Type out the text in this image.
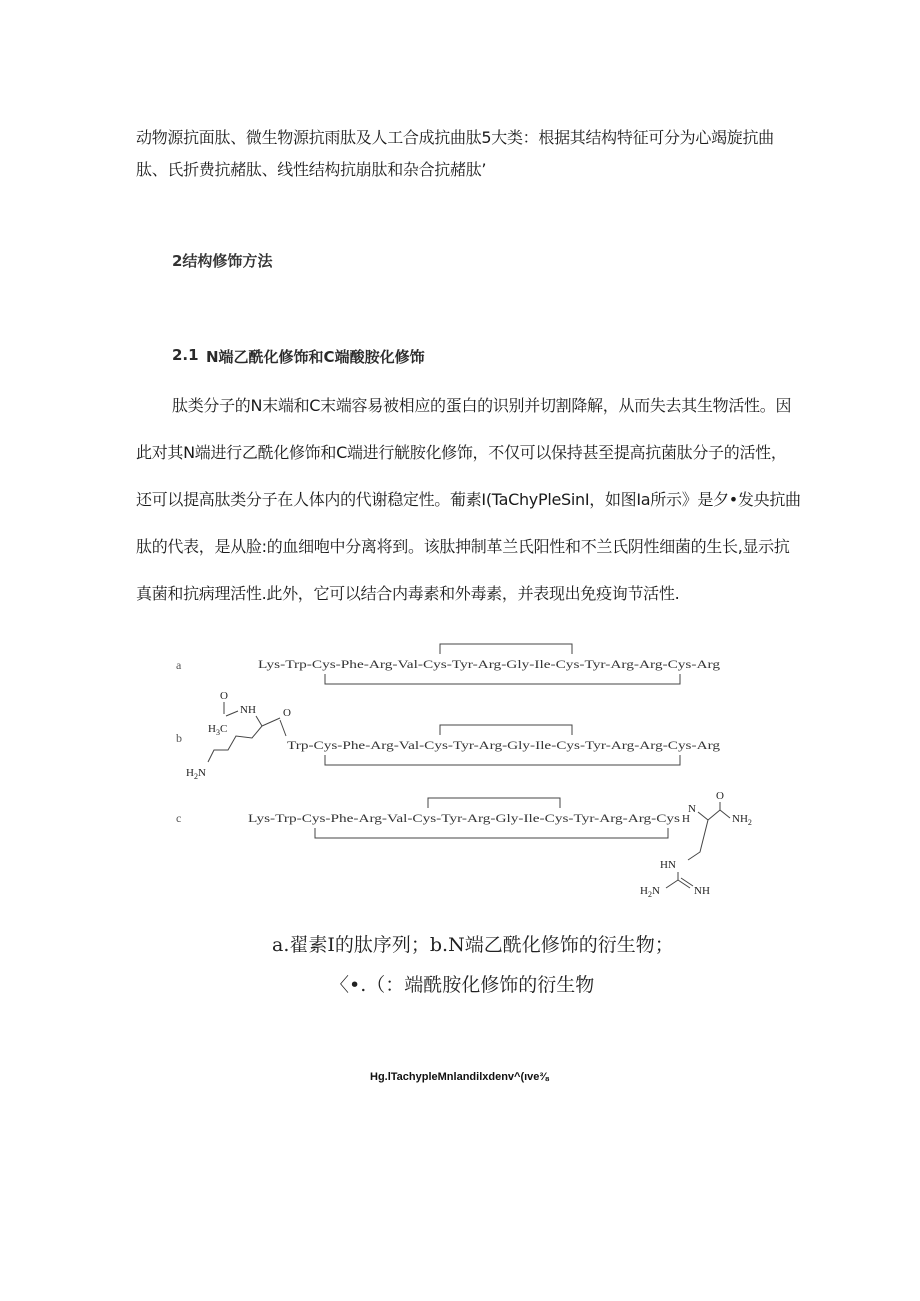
动物源抗面肽、微生物源抗雨肽及人工合成抗曲肽5大类：根据其结构特征可分为心竭旋抗曲
肽、氏折费抗赭肽、线性结构抗崩肽和杂合抗赭肽’
2结构修饰方法
2.1 N端乙酰化修饰和C端酸胺化修饰
肽类分子的N末端和C末端容易被相应的蛋白的识别并切割降解，从而失去其生物活性。因
此对其N端进行乙酰化修饰和C端进行觥胺化修饰，不仅可以保持甚至提高抗菌肽分子的活性，
还可以提高肽类分子在人体内的代谢稳定性。葡素I(TaChyPleSinI，如图Ia所示》是夕•发央抗曲
肽的代表，是从脸:的血细咆中分离将到。该肽抻制革兰氏阳性和不兰氏阴性细菌的生长,显示抗
真菌和抗病理活性.此外，它可以结合内毒素和外毒素，并表现出免疫询节活性.
a	Lys-Trp-Cys-Phe-Arg-Val-Cys-Tyr-Arg-Gly-Ile-Cys-Tyr-Arg-Arg-Cys-Arg
b
O
NH
$H_3C$
O
$H_2N$
Trp-Cys-Phe-Arg-Val-Cys-Tyr-Arg-Gly-Ile-Cys-Tyr-Arg-Arg-Cys-Arg
c	Lys-Trp-Cys-Phe-Arg-Val-Cys-Tyr-Arg-Gly-Ile-Cys-Tyr-Arg-Arg-Cys
N
H
O
$NH_2$
HN
$H_2N$	NH
a.翟素I的肽序列；b.N端乙酰化修饰的衍生物；
〈•.（：端酰胺化修饰的衍生物
Hg.lTachypleMnlandilxdenv^(ıve⅜
